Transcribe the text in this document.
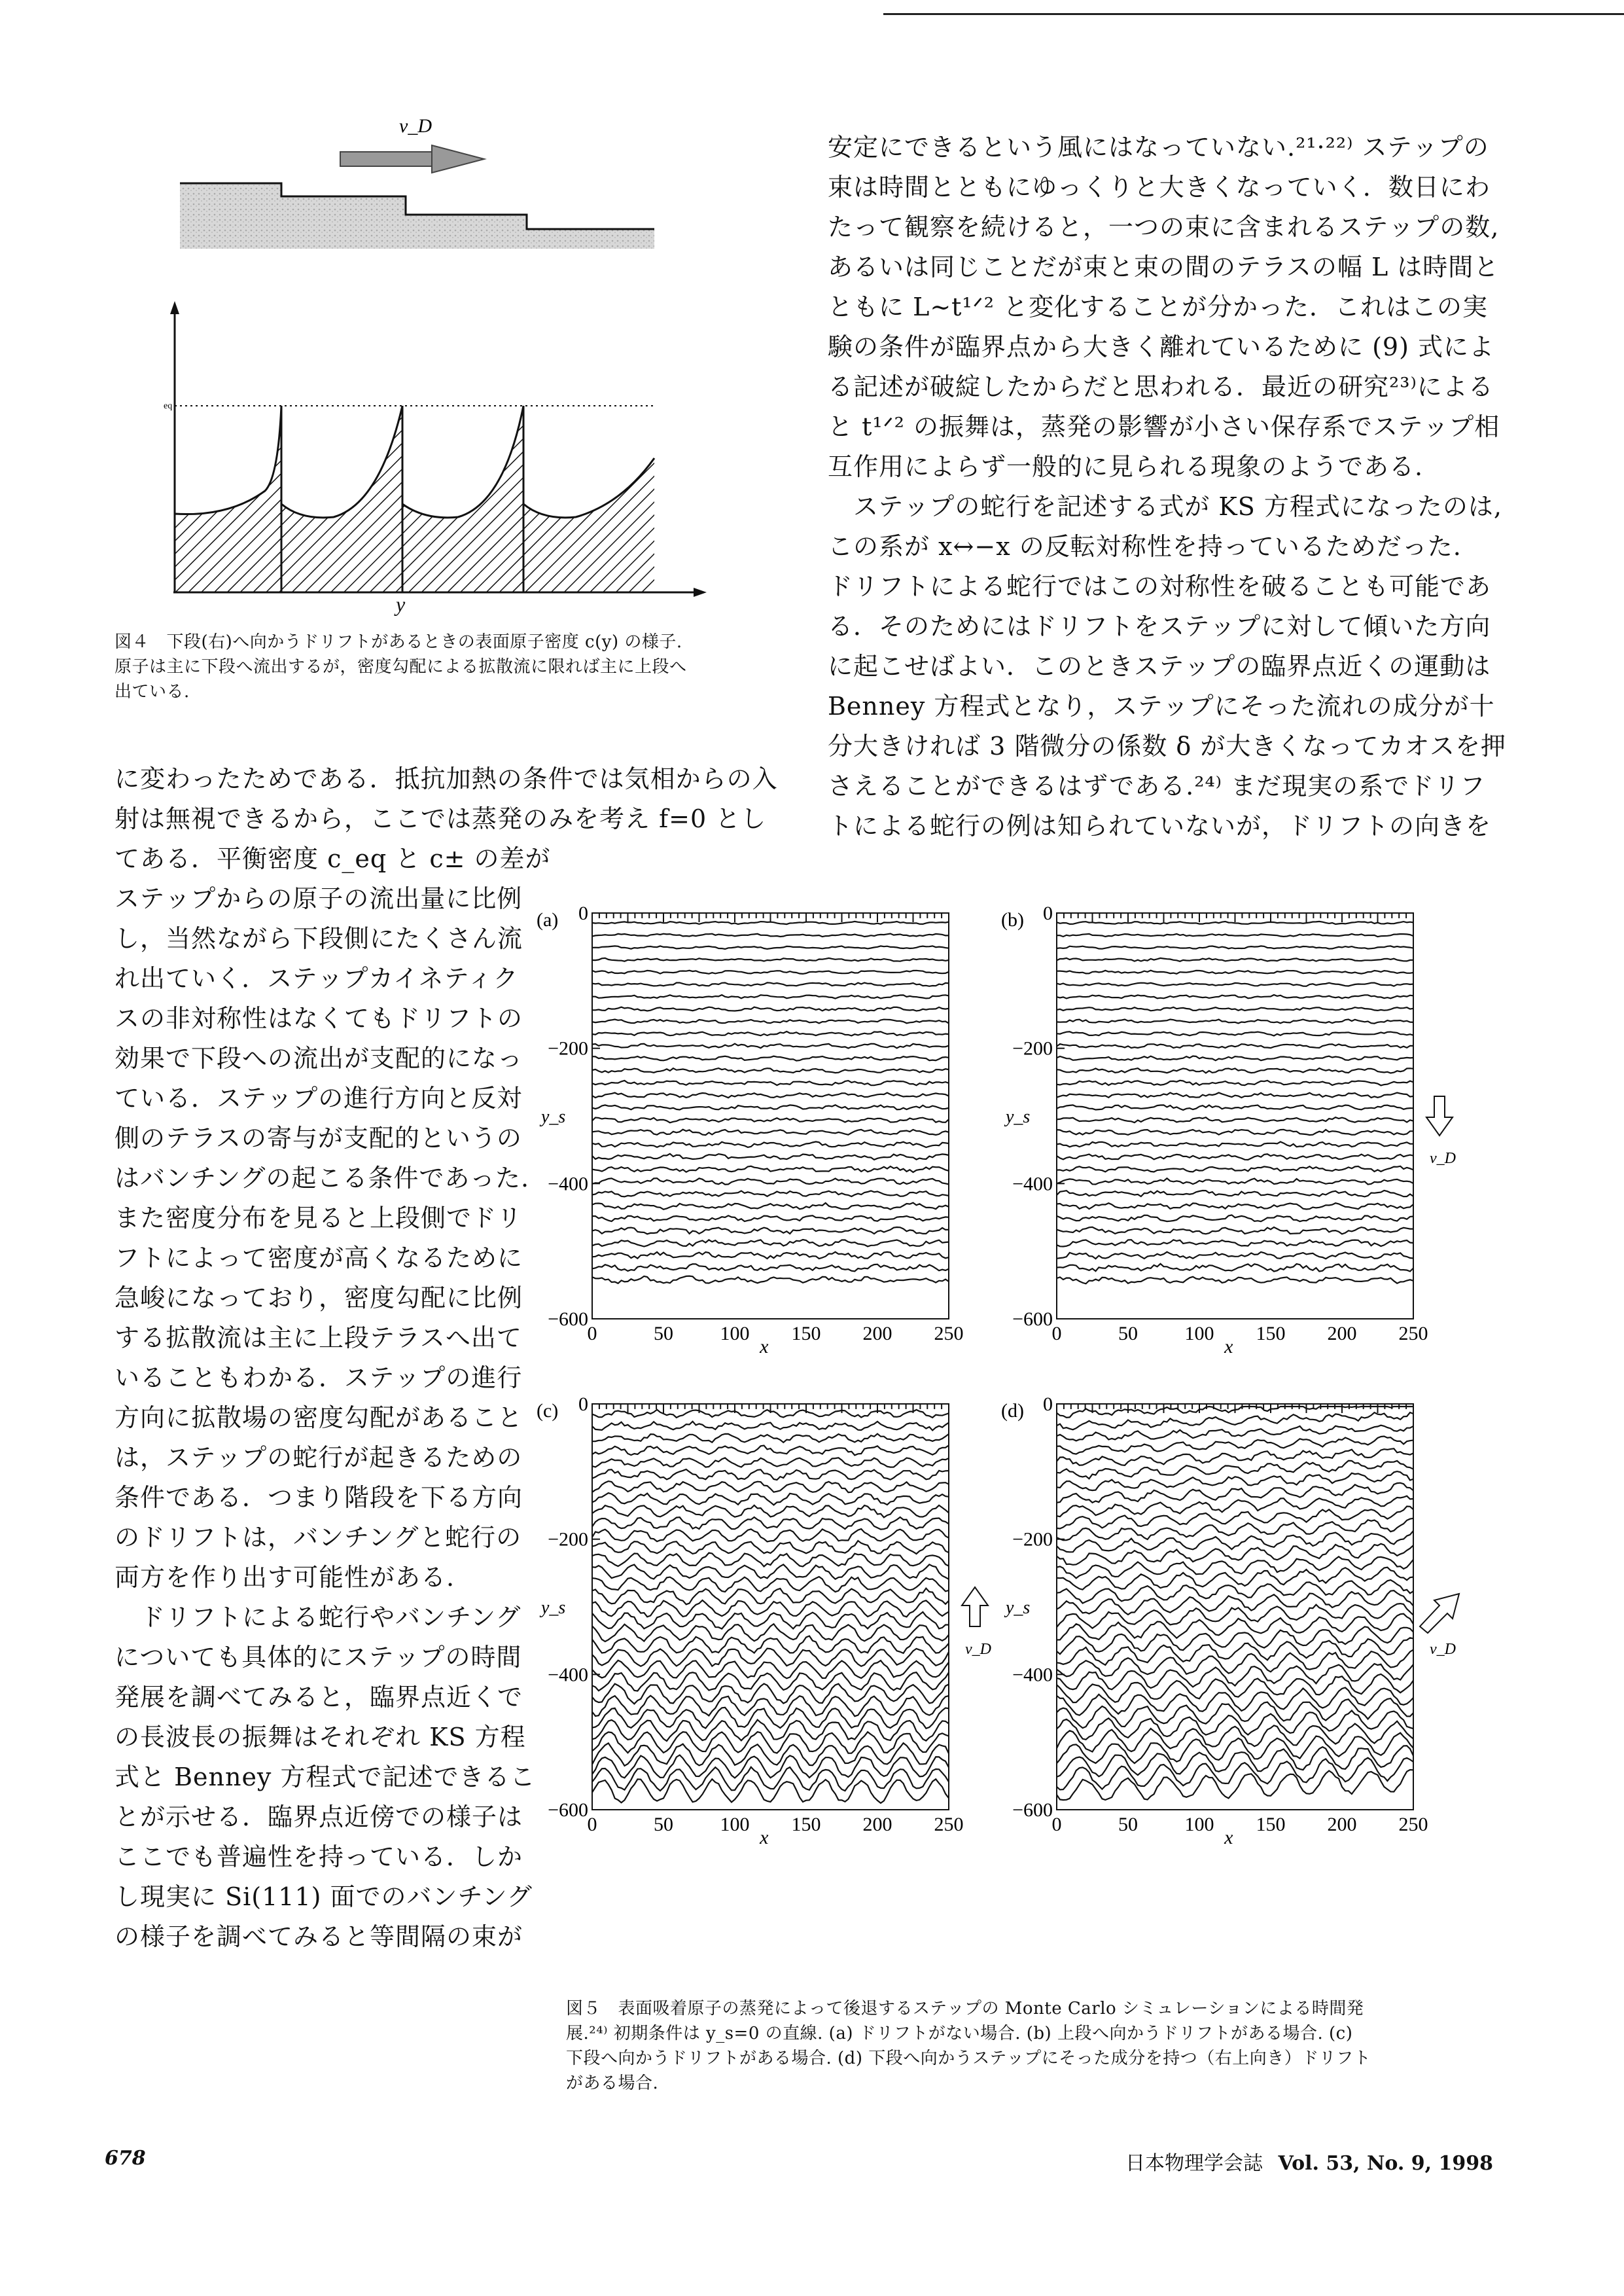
v_D
eq
y
図４　下段(右)へ向かうドリフトがあるときの表面原子密度 c(y) の様子.
原子は主に下段へ流出するが，密度勾配による拡散流に限れば主に上段へ
出ている.
に変わったためである．抵抗加熱の条件では気相からの入
射は無視できるから，ここでは蒸発のみを考え f=0 とし
てある．平衡密度 c_eq と c± の差が
ステップからの原子の流出量に比例
し，当然ながら下段側にたくさん流
れ出ていく．ステップカイネティク
スの非対称性はなくてもドリフトの
効果で下段への流出が支配的になっ
ている．ステップの進行方向と反対
側のテラスの寄与が支配的というの
はバンチングの起こる条件であった.
また密度分布を見ると上段側でドリ
フトによって密度が高くなるために
急峻になっており，密度勾配に比例
する拡散流は主に上段テラスへ出て
いることもわかる．ステップの進行
方向に拡散場の密度勾配があること
は，ステップの蛇行が起きるための
条件である．つまり階段を下る方向
のドリフトは，バンチングと蛇行の
両方を作り出す可能性がある.
　ドリフトによる蛇行やバンチング
についても具体的にステップの時間
発展を調べてみると，臨界点近くで
の長波長の振舞はそれぞれ KS 方程
式と Benney 方程式で記述できるこ
とが示せる．臨界点近傍での様子は
ここでも普遍性を持っている．しか
し現実に Si(111) 面でのバンチング
の様子を調べてみると等間隔の束が
安定にできるという風にはなっていない.²¹·²²⁾ ステップの
束は時間とともにゆっくりと大きくなっていく．数日にわ
たって観察を続けると，一つの束に含まれるステップの数,
あるいは同じことだが束と束の間のテラスの幅 L は時間と
ともに L∼t¹ᐟ² と変化することが分かった．これはこの実
験の条件が臨界点から大きく離れているために (9) 式によ
る記述が破綻したからだと思われる．最近の研究²³⁾による
と t¹ᐟ² の振舞は，蒸発の影響が小さい保存系でステップ相
互作用によらず一般的に見られる現象のようである.
　ステップの蛇行を記述する式が KS 方程式になったのは,
この系が x↔−x の反転対称性を持っているためだった.
ドリフトによる蛇行ではこの対称性を破ることも可能であ
る．そのためにはドリフトをステップに対して傾いた方向
に起こせばよい．このときステップの臨界点近くの運動は
Benney 方程式となり，ステップにそった流れの成分が十
分大きければ 3 階微分の係数 δ が大きくなってカオスを押
さえることができるはずである.²⁴⁾ まだ現実の系でドリフ
トによる蛇行の例は知られていないが，ドリフトの向きを
(a) 0
−200
−400
−600
y_s
0	50 100 150 200 250
x
(b) 0
−200
−400
−600
y_s
0	50 100 150 200 250
x
v_D
(c) 0
−200
−400
−600
y_s
0	50 100 150 200 250
x
v_D
(d) 0
−200
−400
−600
y_s
0	50 100 150 200 250
x
v_D
図５　表面吸着原子の蒸発によって後退するステップの Monte Carlo シミュレーションによる時間発
展.²⁴⁾ 初期条件は y_s=0 の直線. (a) ドリフトがない場合. (b) 上段へ向かうドリフトがある場合. (c)
下段へ向かうドリフトがある場合. (d) 下段へ向かうステップにそった成分を持つ（右上向き）ドリフト
がある場合.
678	日本物理学会誌 Vol. 53, No. 9, 1998
